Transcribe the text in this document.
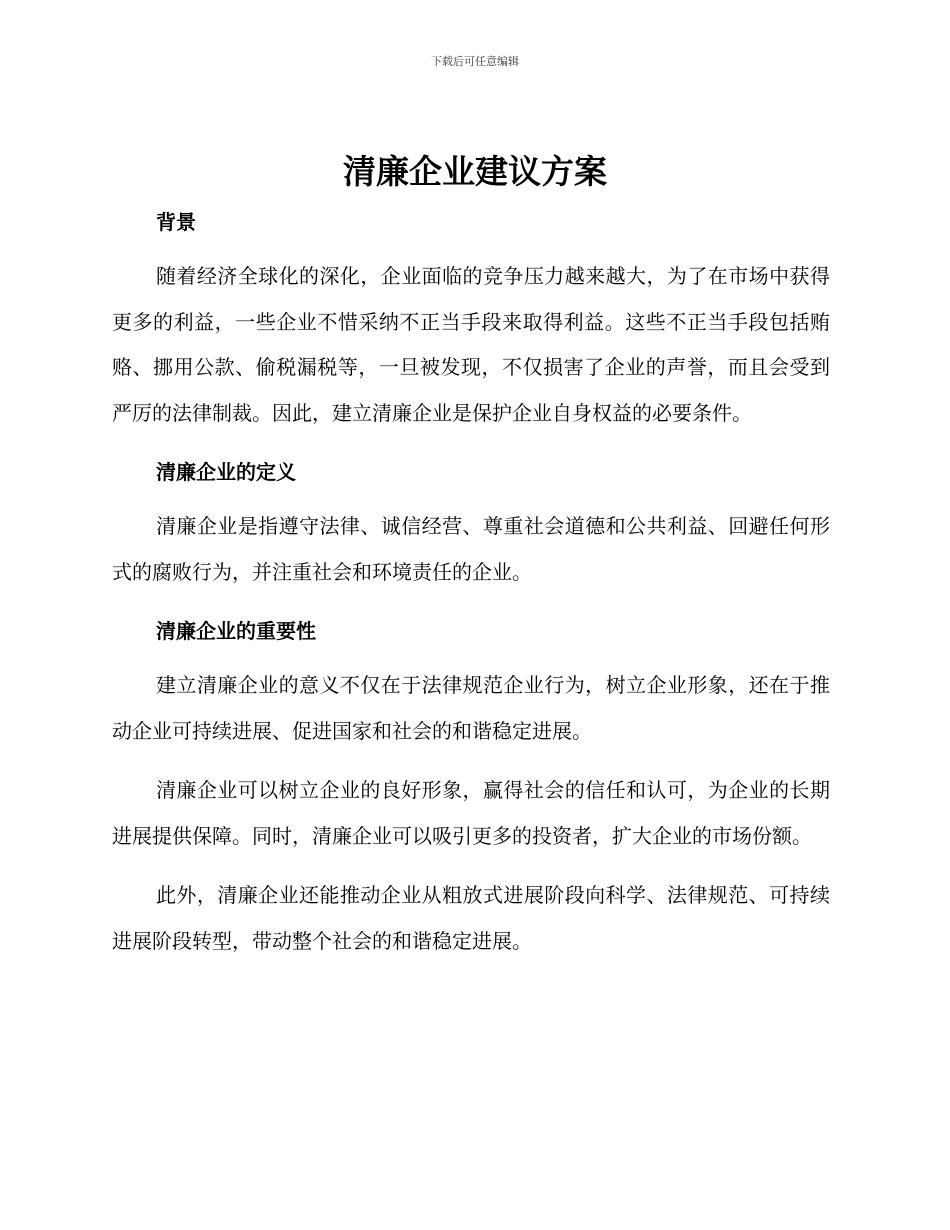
下载后可任意编辑
清廉企业建议方案
背景

随着经济全球化的深化，企业面临的竞争压力越来越大，为了在市场中获得更多的利益，一些企业不惜采纳不正当手段来取得利益。这些不正当手段包括贿赂、挪用公款、偷税漏税等，一旦被发现，不仅损害了企业的声誉，而且会受到严厉的法律制裁。因此，建立清廉企业是保护企业自身权益的必要条件。

清廉企业的定义

清廉企业是指遵守法律、诚信经营、尊重社会道德和公共利益、回避任何形式的腐败行为，并注重社会和环境责任的企业。

清廉企业的重要性

建立清廉企业的意义不仅在于法律规范企业行为，树立企业形象，还在于推动企业可持续进展、促进国家和社会的和谐稳定进展。

清廉企业可以树立企业的良好形象，赢得社会的信任和认可，为企业的长期进展提供保障。同时，清廉企业可以吸引更多的投资者，扩大企业的市场份额。

此外，清廉企业还能推动企业从粗放式进展阶段向科学、法律规范、可持续进展阶段转型，带动整个社会的和谐稳定进展。
